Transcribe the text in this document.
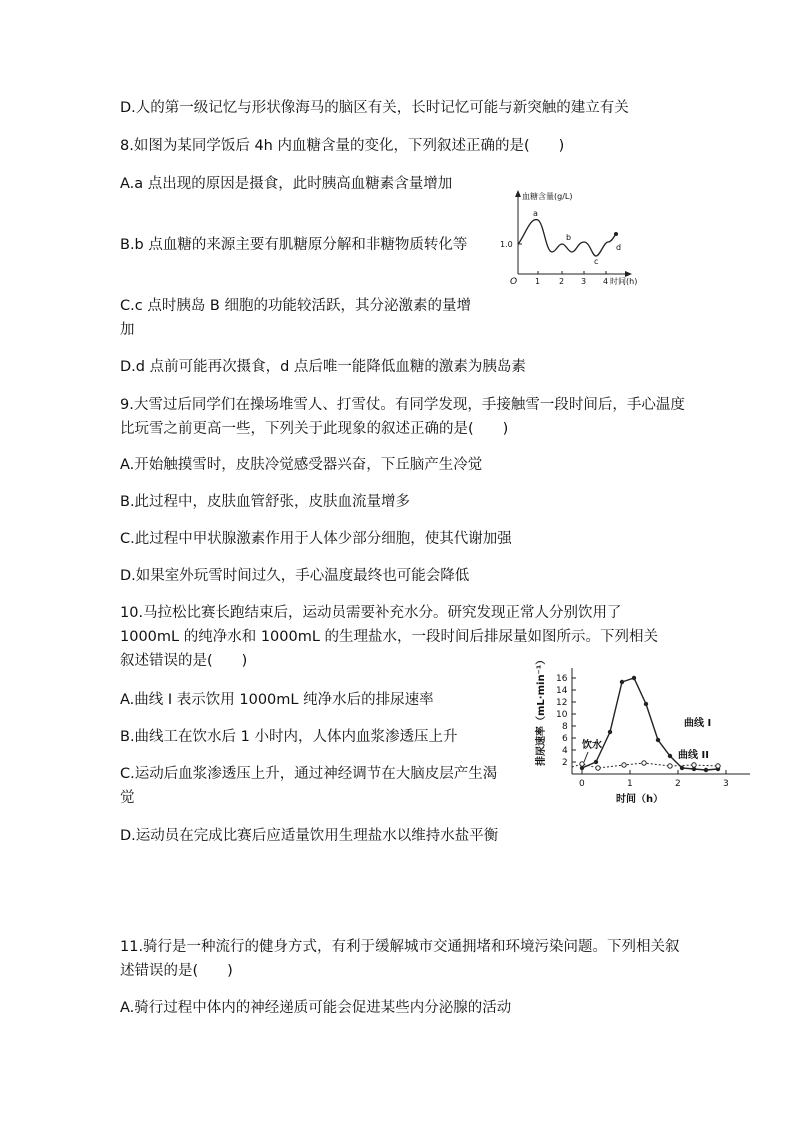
D.人的第一级记忆与形状像海马的脑区有关，长时记忆可能与新突触的建立有关
8.如图为某同学饭后 4h 内血糖含量的变化，下列叙述正确的是(　　)
A.a 点出现的原因是摄食，此时胰高血糖素含量增加
B.b 点血糖的来源主要有肌糖原分解和非糖物质转化等
C.c 点时胰岛 B 细胞的功能较活跃，其分泌激素的量增加
D.d 点前可能再次摄食，d 点后唯一能降低血糖的激素为胰岛素
血糖含量(g/L)
1.0
O 1 2 3 4 时间(h)
a
b
c
d
9.大雪过后同学们在操场堆雪人、打雪仗。有同学发现，手接触雪一段时间后，手心温度比玩雪之前更高一些，下列关于此现象的叙述正确的是(　　)
A.开始触摸雪时，皮肤冷觉感受器兴奋，下丘脑产生冷觉
B.此过程中，皮肤血管舒张，皮肤血流量增多
C.此过程中甲状腺激素作用于人体少部分细胞，使其代谢加强
D.如果室外玩雪时间过久，手心温度最终也可能会降低
10.马拉松比赛长跑结束后，运动员需要补充水分。研究发现正常人分别饮用了 1000mL 的纯净水和 1000mL 的生理盐水，一段时间后排尿量如图所示。下列相关叙述错误的是(　　)
A.曲线 I 表示饮用 1000mL 纯净水后的排尿速率
B.曲线工在饮水后 1 小时内，人体内血浆渗透压上升
C.运动后血浆渗透压上升，通过神经调节在大脑皮层产生渴觉
D.运动员在完成比赛后应适量饮用生理盐水以维持水盐平衡
2
4
6
8
10
12
14
16
排尿速率（mL·min⁻¹）
0	1	2	3
时间（h）
饮水
曲线 I
曲线 II
11.骑行是一种流行的健身方式，有利于缓解城市交通拥堵和环境污染问题。下列相关叙述错误的是(　　)
A.骑行过程中体内的神经递质可能会促进某些内分泌腺的活动
